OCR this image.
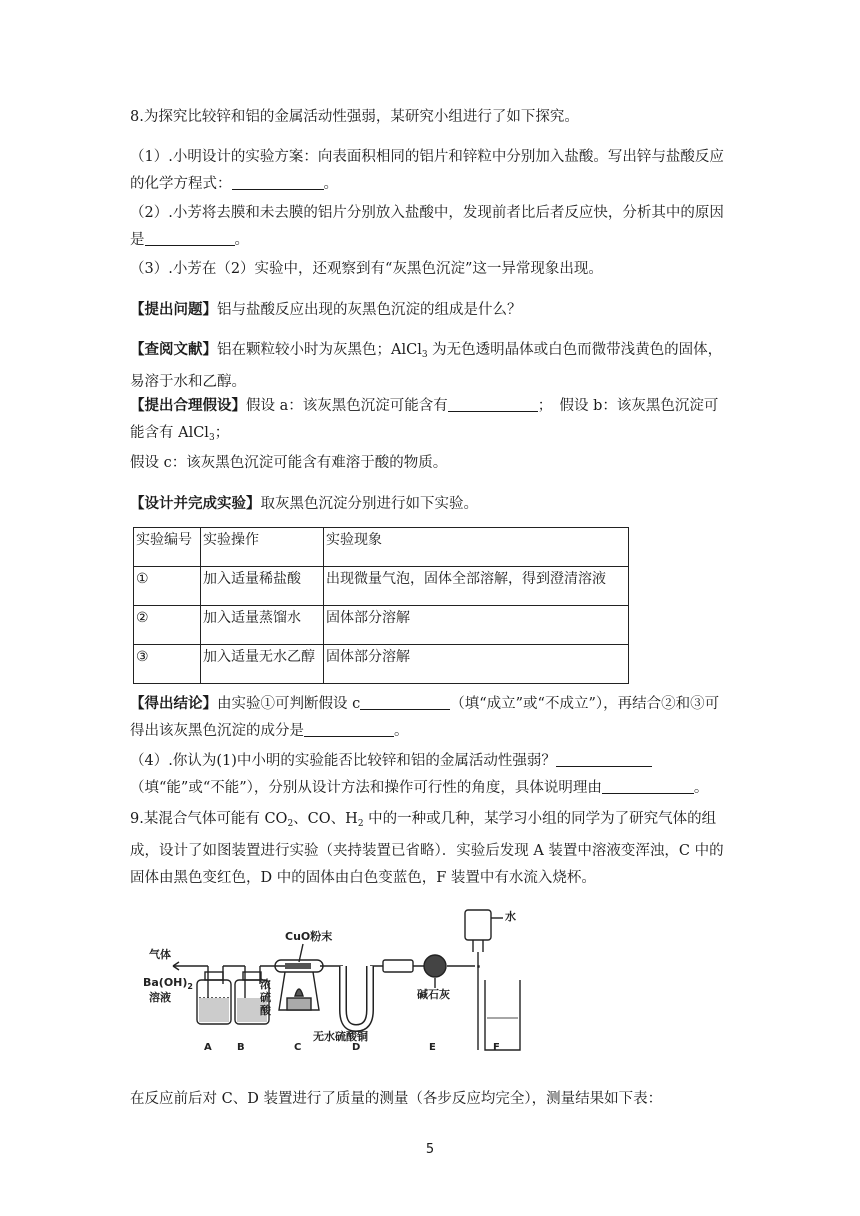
8.为探究比较锌和铝的金属活动性强弱，某研究小组进行了如下探究。

（1）.小明设计的实验方案：向表面积相同的铝片和锌粒中分别加入盐酸。写出锌与盐酸反应的化学方程式：	。

（2）.小芳将去膜和未去膜的铝片分别放入盐酸中，发现前者比后者反应快，分析其中的原因是	。

（3）.小芳在（2）实验中，还观察到有“灰黑色沉淀”这一异常现象出现。

【提出问题】铝与盐酸反应出现的灰黑色沉淀的组成是什么？

【查阅文献】铝在颗粒较小时为灰黑色；AlCl$_3$ 为无色透明晶体或白色而微带浅黄色的固体，易溶于水和乙醇。

【提出合理假设】假设 a：该灰黑色沉淀可能含有	；　假设 b：该灰黑色沉淀可能含有 AlCl$_3$；

假设 c：该灰黑色沉淀可能含有难溶于酸的物质。

【设计并完成实验】取灰黑色沉淀分别进行如下实验。

实验编号	实验操作	实验现象
①	加入适量稀盐酸	出现微量气泡，固体全部溶解，得到澄清溶液
②	加入适量蒸馏水	固体部分溶解
③	加入适量无水乙醇	固体部分溶解

【得出结论】由实验①可判断假设 c	（填“成立”或“不成立”），再结合②和③可得出该灰黑色沉淀的成分是	。

（4）.你认为(1)中小明的实验能否比较锌和铝的金属活动性强弱？（填“能”或“不能”），分别从设计方法和操作可行性的角度，具体说明理由	。

9.某混合气体可能有 $CO_2$、CO、$H_2$ 中的一种或几种，某学习小组的同学为了研究气体的组成，设计了如图装置进行实验（夹持装置已省略）．实验后发现 A 装置中溶液变浑浊，C 中的固体由黑色变红色，D 中的固体由白色变蓝色，F 装置中有水流入烧杯。

气体
$Ba(OH)_2$
溶液
浓
硫
酸
CuO粉末
无水硫酸铜
碱石灰
水
A	B	C	D	E	F

在反应前后对 C、D 装置进行了质量的测量（各步反应均完全），测量结果如下表：

5
